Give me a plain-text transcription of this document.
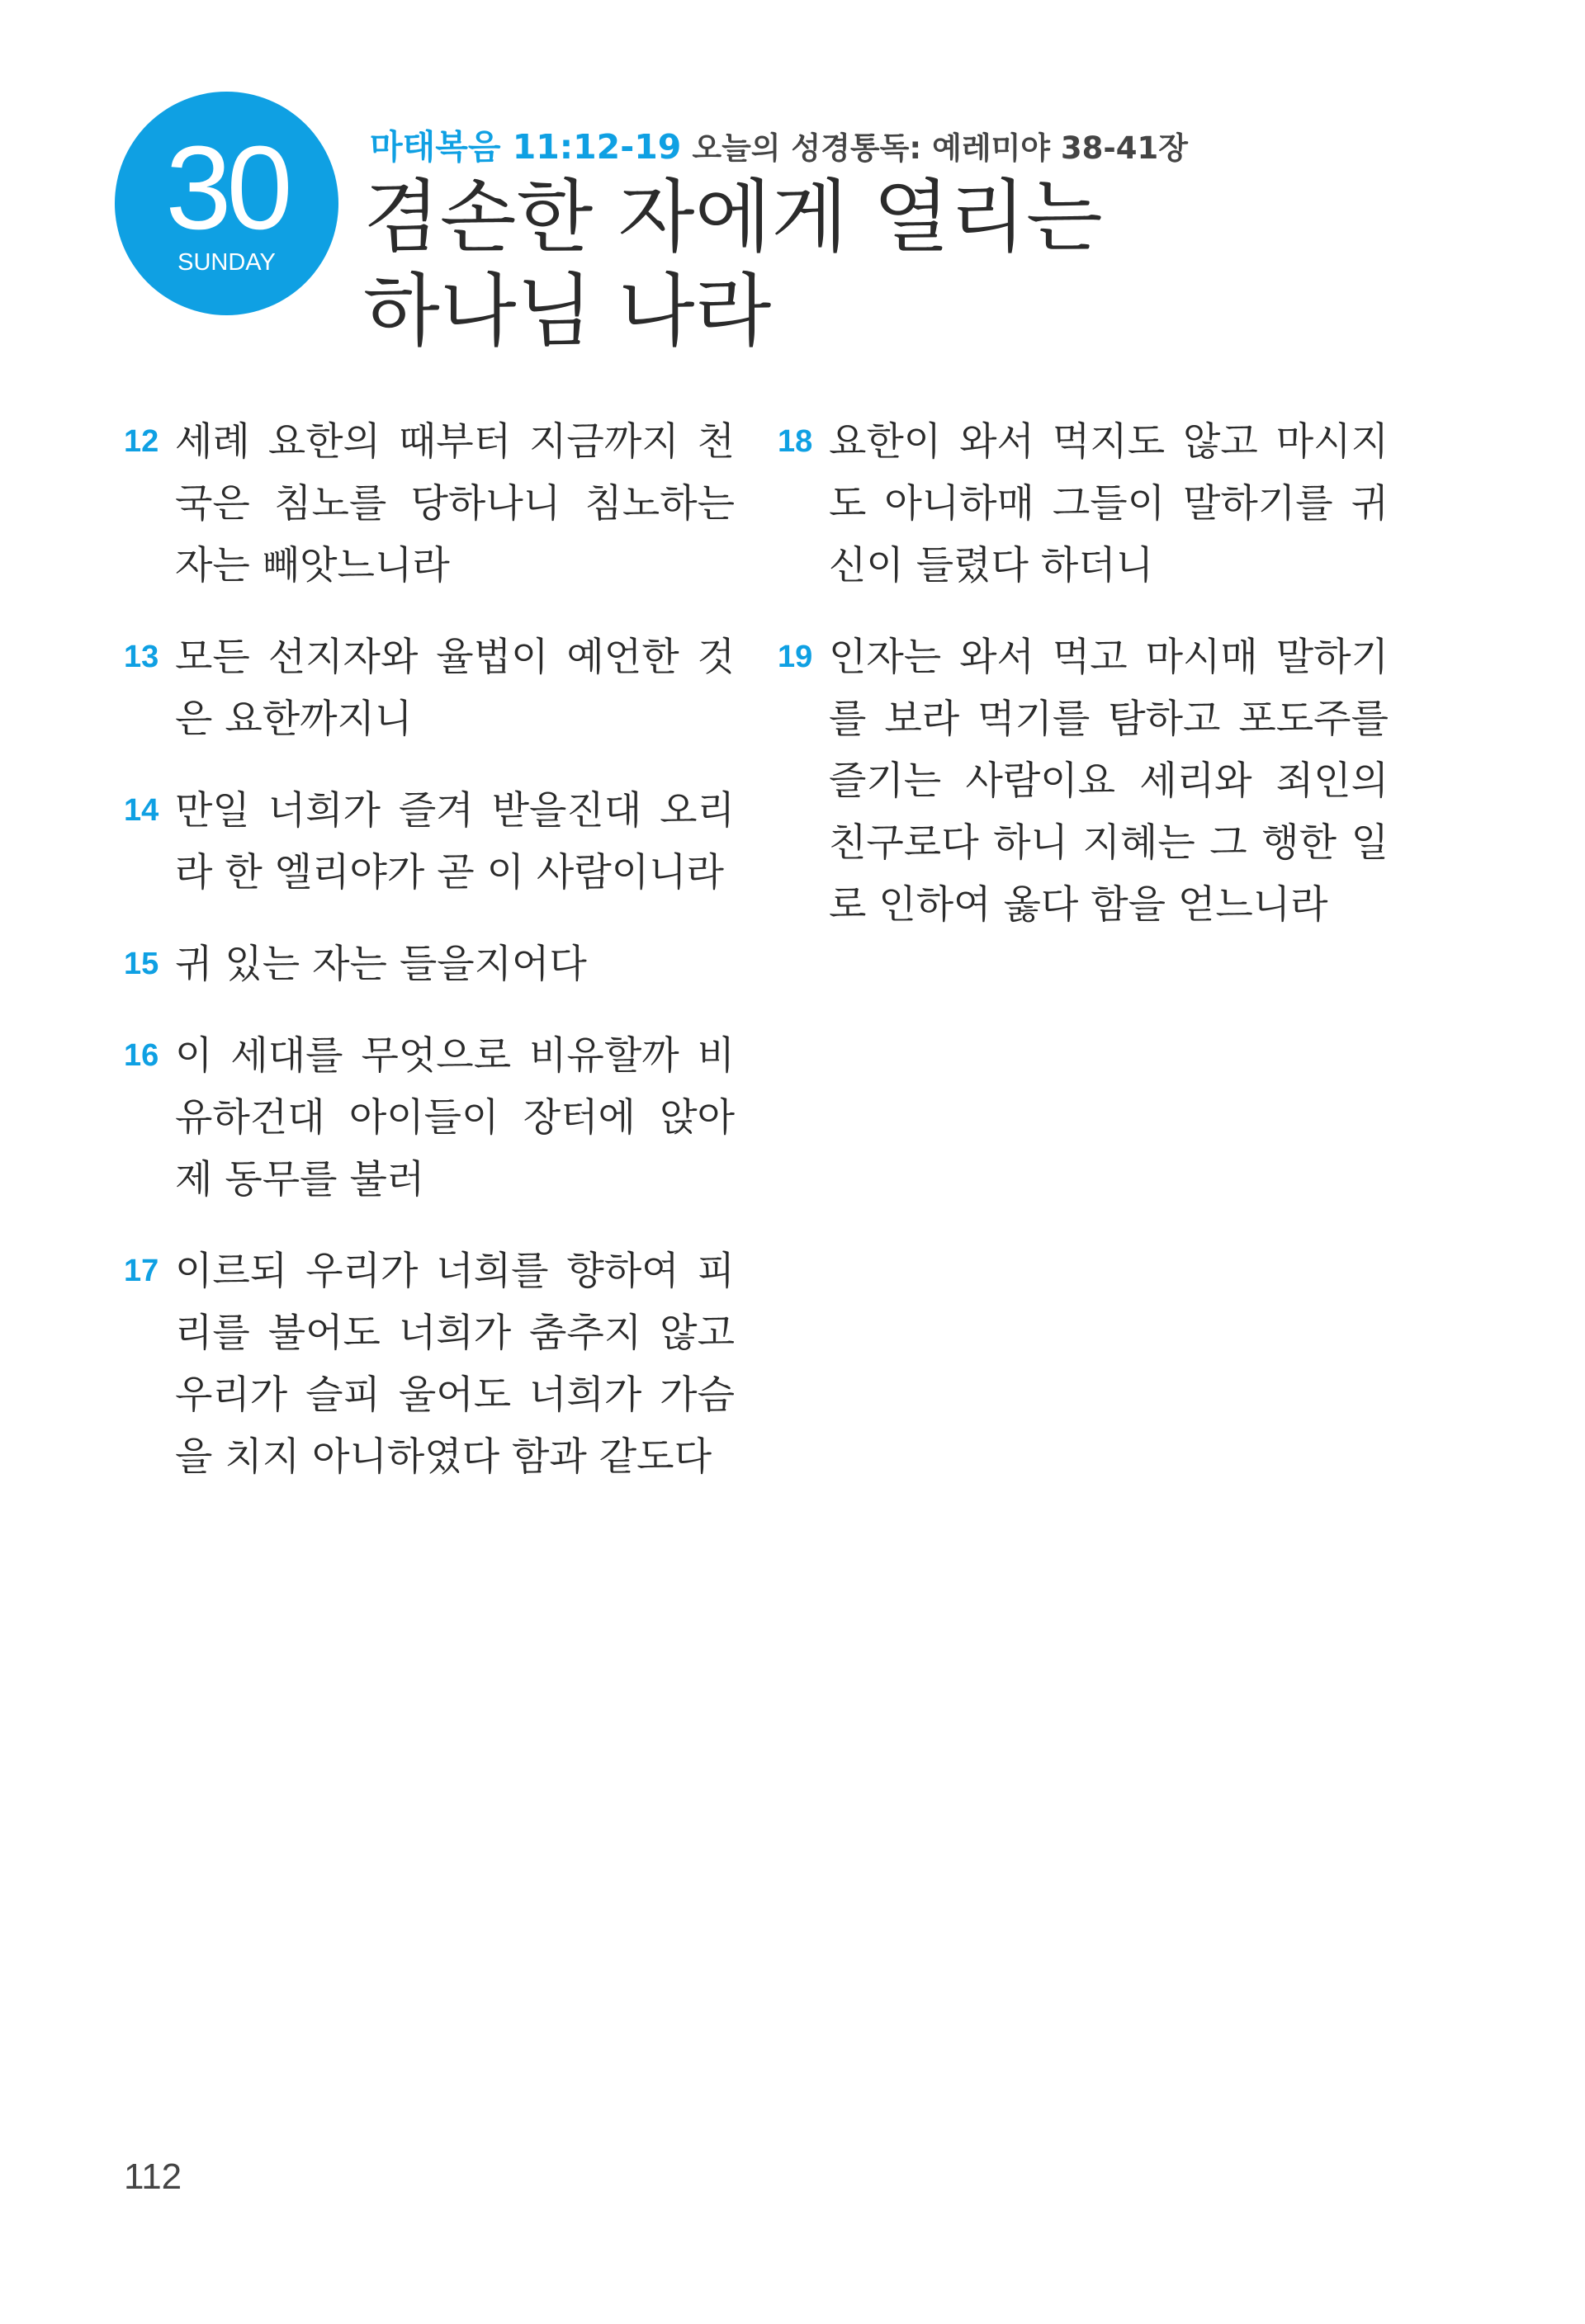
30
SUNDAY
마태복음 11:12-19 오늘의 성경통독: 예레미야 38-41장
겸손한 자에게 열리는
하나님 나라

12 세례 요한의 때부터 지금까지 천국은 침노를 당하나니 침노하는 자는 빼앗느니라

13 모든 선지자와 율법이 예언한 것은 요한까지니

14 만일 너희가 즐겨 받을진대 오리라 한 엘리야가 곧 이 사람이니라

15 귀 있는 자는 들을지어다

16 이 세대를 무엇으로 비유할까 비유하건대 아이들이 장터에 앉아 제 동무를 불러

17 이르되 우리가 너희를 향하여 피리를 불어도 너희가 춤추지 않고 우리가 슬피 울어도 너희가 가슴을 치지 아니하였다 함과 같도다

18 요한이 와서 먹지도 않고 마시지도 아니하매 그들이 말하기를 귀신이 들렸다 하더니

19 인자는 와서 먹고 마시매 말하기를 보라 먹기를 탐하고 포도주를 즐기는 사람이요 세리와 죄인의 친구로다 하니 지혜는 그 행한 일로 인하여 옳다 함을 얻느니라

112
